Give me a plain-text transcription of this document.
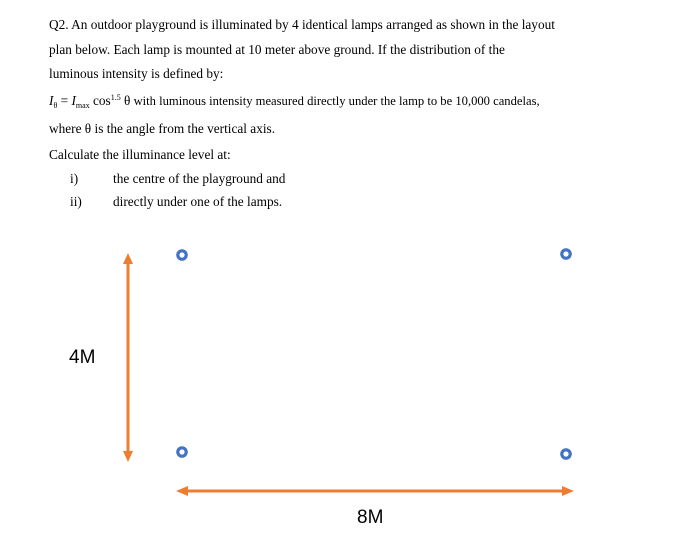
Q2. An outdoor playground is illuminated by 4 identical lamps arranged as shown in the layout
plan below. Each lamp is mounted at 10 meter above ground. If the distribution of the
luminous intensity is defined by:
$I_\theta = I_{max}$ $\cos^{1.5} \theta$ with luminous intensity measured directly under the lamp to be 10,000 candelas,
where θ is the angle from the vertical axis.
Calculate the illuminance level at:
i)	the centre of the playground and
ii) directly under one of the lamps.
4M
8M
